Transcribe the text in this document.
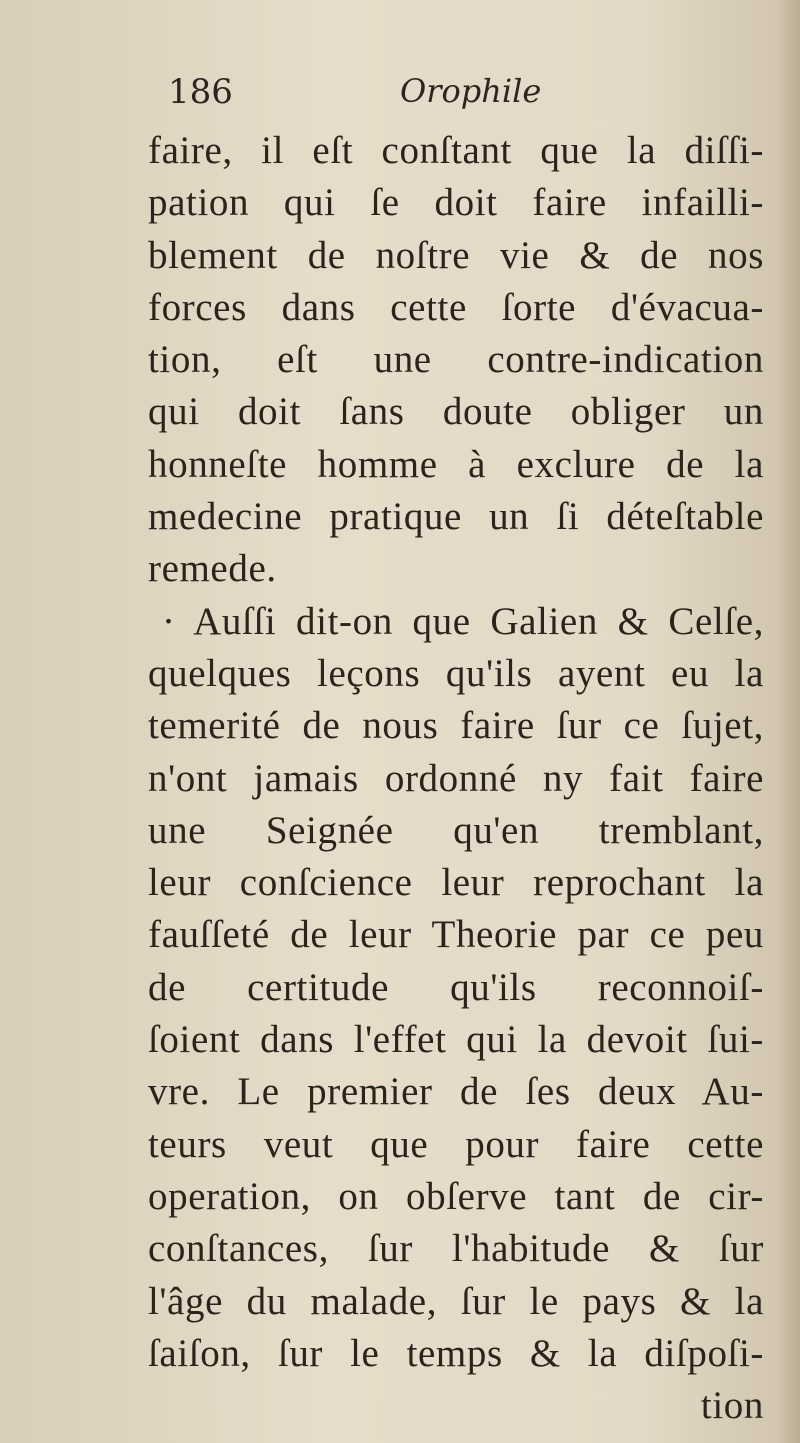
186	Orophile
faire, il eſt conſtant que la diſſi-
pation qui ſe doit faire infailli-
blement de noſtre vie & de nos
forces dans cette ſorte d'évacua-
tion, eſt une contre-indication
qui doit ſans doute obliger un
honneſte homme à exclure de la
medecine pratique un ſi déteſtable
remede.
· Auſſi dit-on que Galien & Celſe,
quelques leçons qu'ils ayent eu la
temerité de nous faire ſur ce ſujet,
n'ont jamais ordonné ny fait faire
une Seignée qu'en tremblant,
leur conſcience leur reprochant la
fauſſeté de leur Theorie par ce peu
de certitude qu'ils reconnoiſ-
ſoient dans l'effet qui la devoit ſui-
vre. Le premier de ſes deux Au-
teurs veut que pour faire cette
operation, on obſerve tant de cir-
conſtances, ſur l'habitude & ſur
l'âge du malade, ſur le pays & la
ſaiſon, ſur le temps & la diſpoſi-
tion
